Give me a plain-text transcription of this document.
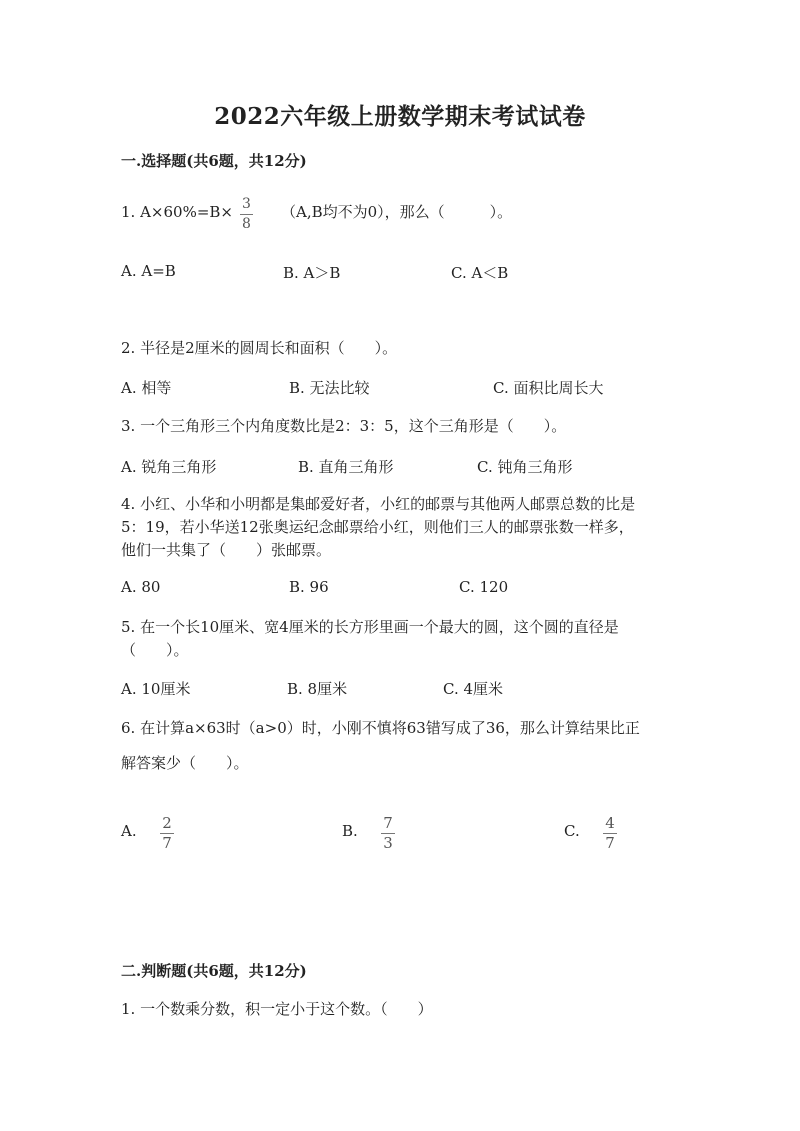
2022六年级上册数学期末考试试卷
一.选择题(共6题，共12分)
1. A×60%=B× 3
8
（A,B均不为0），那么（　　　）。
A. A=B	B. A＞B	C. A＜B
2. 半径是2厘米的圆周长和面积（　　）。
A. 相等	B. 无法比较	C. 面积比周长大
3. 一个三角形三个内角度数比是2：3：5，这个三角形是（　　）。
A. 锐角三角形	B. 直角三角形	C. 钝角三角形
4. 小红、小华和小明都是集邮爱好者，小红的邮票与其他两人邮票总数的比是
5：19，若小华送12张奥运纪念邮票给小红，则他们三人的邮票张数一样多，
他们一共集了（　　）张邮票。
A. 80	B. 96	C. 120
5. 在一个长10厘米、宽4厘米的长方形里画一个最大的圆，这个圆的直径是
（　　）。
A. 10厘米	B. 8厘米	C. 4厘米
6. 在计算a×63时（a>0）时，小刚不慎将63错写成了36，那么计算结果比正
解答案少（　　）。
A. 2
7
B. 7
3
C. 4
7
二.判断题(共6题，共12分)
1. 一个数乘分数，积一定小于这个数。（　　）
